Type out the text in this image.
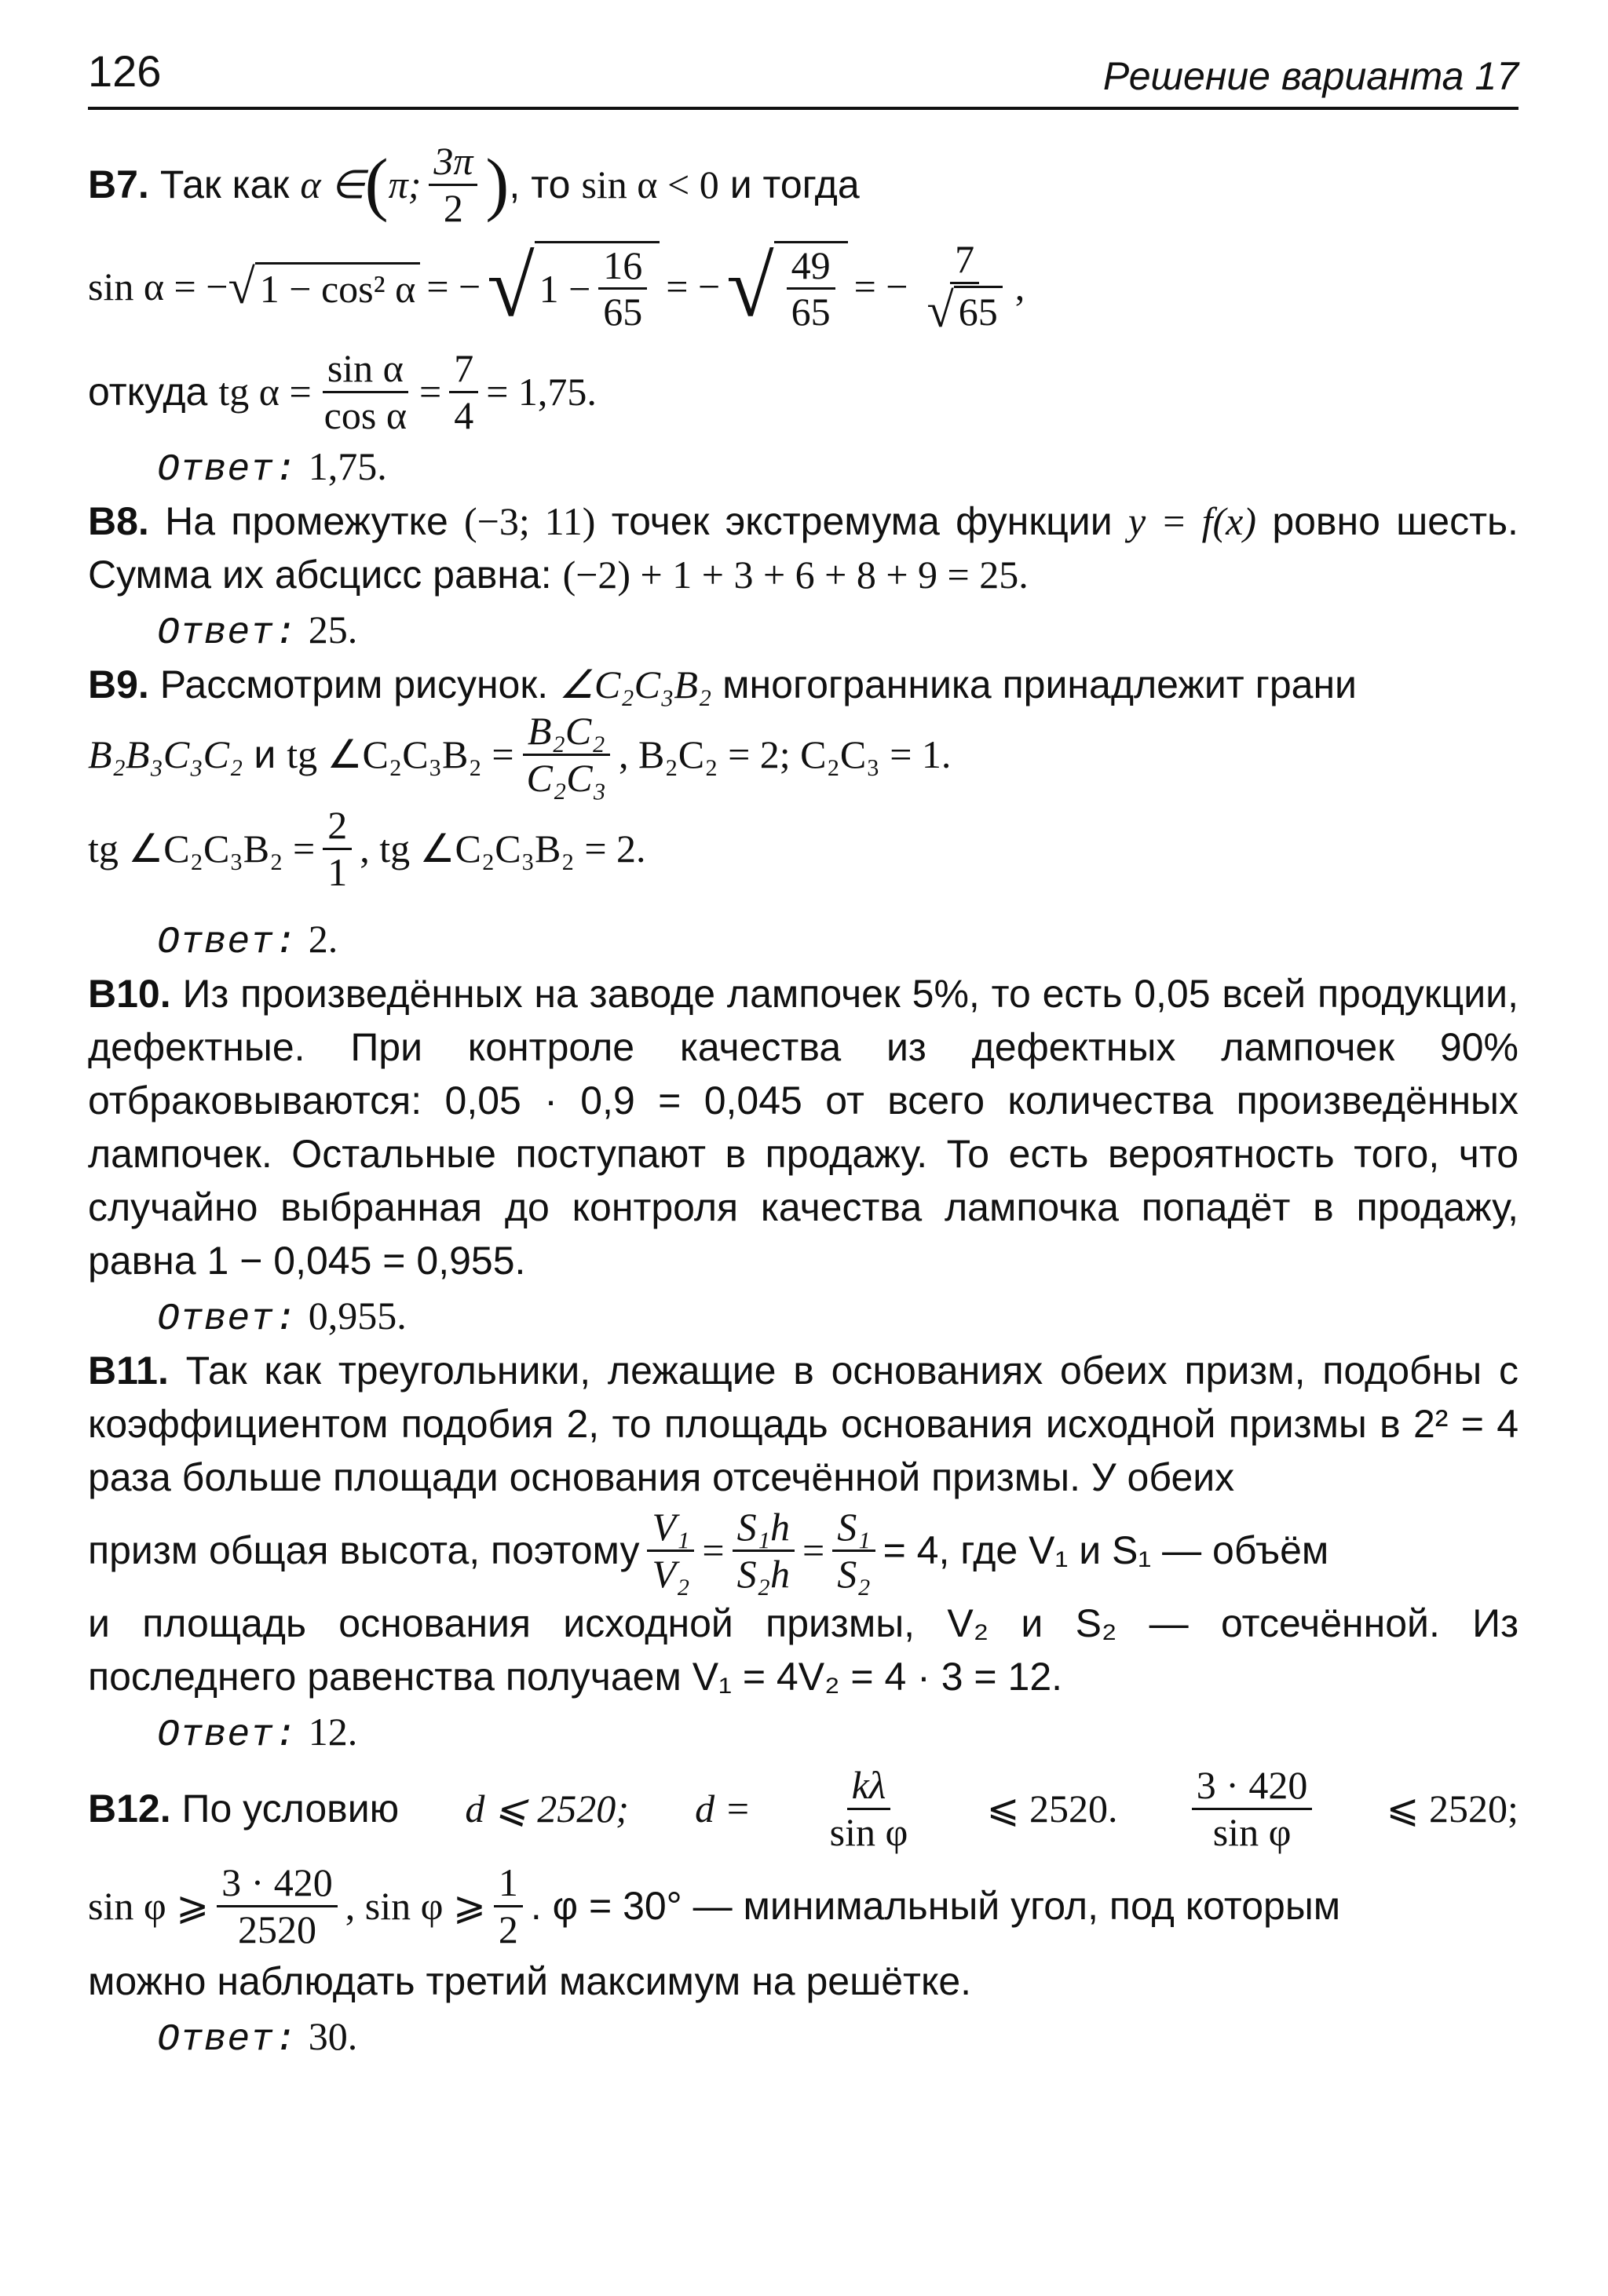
126	Решение варианта 17

B7. Так как α ∈ ( π; $\frac{3\pi}{2}$ ) , то sin α < 0 и тогда

sin α = − √ 1 − cos² α = − √ $1 - \frac{16}{65}$ = − √ $\frac{49}{65}$ = − $\frac{7}{√ 65}$ ,
откуда tg $\alpha = \frac{\text{sin α}}{\text{cos α}} = \frac{7}{4} = 1,75$.

Ответ: 1,75.

B8. На промежутке (−3; 11) точек экстремума функции y = f(x) ровно шесть. Сумма их абсцисс равна: (−2) + 1 + 3 + 6 + 8 + 9 = 25.

Ответ: 25.

B9. Рассмотрим рисунок. ∠C₂C₃B₂ многогранника принадлежит грани

B₂B₃C₃C₂ и tg ∠C₂C₃B₂ = $\frac{\text{B₂C₂}}{\text{C₂C₃}}$ , B₂C₂ = 2; C₂C₃ = 1.
tg ∠C₂C₃B₂ = $\frac{2}{1}$ , tg ∠C₂C₃B₂ = 2.

Ответ: 2.

B10. Из произведённых на заводе лампочек 5%, то есть 0,05 всей продукции, дефектные. При контроле качества из дефектных лампочек 90% отбраковываются: 0,05 · 0,9 = 0,045 от всего количества произведённых лампочек. Остальные поступают в продажу. То есть вероятность того, что случайно выбранная до контроля качества лампочка попадёт в продажу, равна 1 − 0,045 = 0,955.

Ответ: 0,955.

B11. Так как треугольники, лежащие в основаниях обеих призм, подобны с коэффициентом подобия 2, то площадь основания исходной призмы в 2² = 4 раза больше площади основания отсечённой призмы. У обеих

призм общая высота, поэтому $\frac{\text{V₁}}{\text{V₂}} = \frac{\text{S₁h}}{\text{S₂h}} = \frac{\text{S₁}}{\text{S₂}} = 4$, где V₁ и S₁ — объём

и площадь основания исходной призмы, V₂ и S₂ — отсечённой. Из последнего равенства получаем V₁ = 4V₂ = 4 · 3 = 12.

Ответ: 12.

B12. По условию d ⩽ 2520; $d = \frac{k\lambda}{\text{sin φ}}$ ⩽ 2520. $\frac{3 \cdot 420}{\text{sin φ}}$ ⩽ 2520;
sin φ ⩾ $\frac{3 \cdot 420}{2520}$ , sin φ ⩾ $\frac{1}{2}$ . φ = 30° — минимальный угол, под которым

можно наблюдать третий максимум на решётке.

Ответ: 30.
